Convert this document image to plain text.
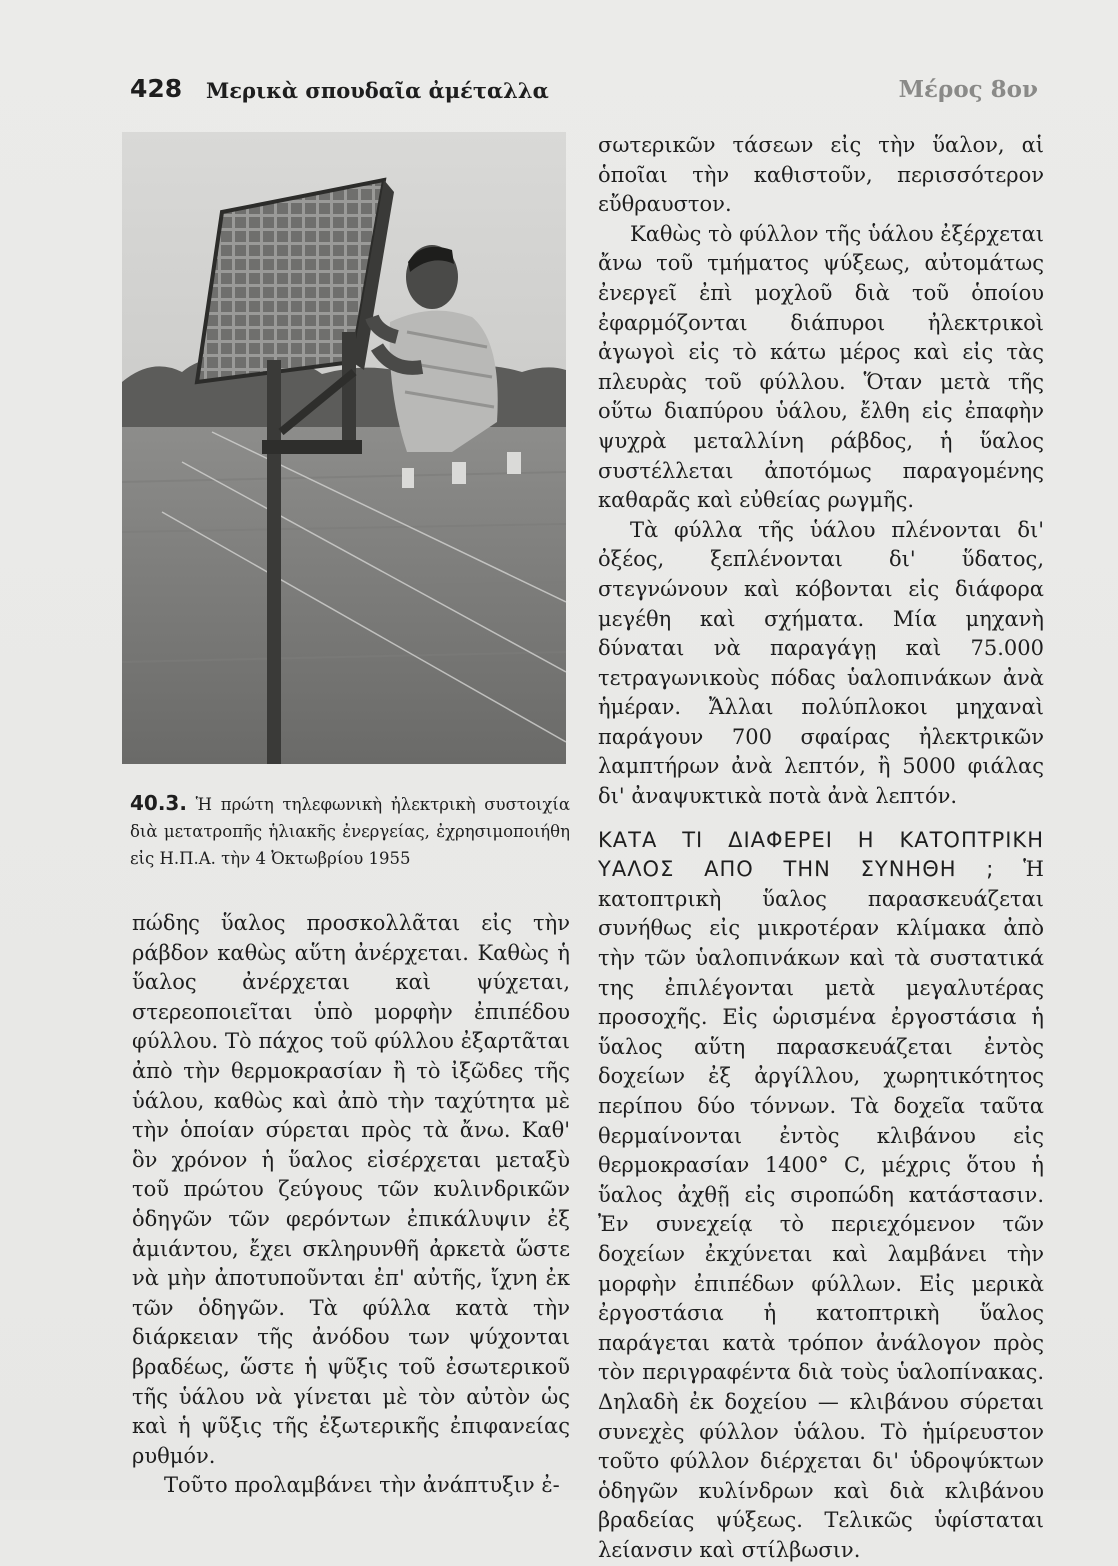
428 Μερικὰ σπουδαῖα ἀμέταλλα	Μέρος 8ον
40.3. Ἡ πρώτη τηλεφωνικὴ ἠλεκτρικὴ συστοιχία διὰ μετατροπῆς ἡλιακῆς ἐνεργείας, ἐχρησιμοποιήθη εἰς Η.Π.Α. τὴν 4 Ὀκτωβρίου 1955

πώδης ὕαλος προσκολλᾶται εἰς τὴν ράβδον καθὼς αὕτη ἀνέρχεται. Καθὼς ἡ ὕαλος ἀνέρχεται καὶ ψύχεται, στερεοποιεῖται ὑπὸ μορφὴν ἐπιπέδου φύλλου. Τὸ πάχος τοῦ φύλλου ἐξαρτᾶται ἀπὸ τὴν θερμοκρασίαν ἢ τὸ ἰξῶδες τῆς ὑάλου, καθὼς καὶ ἀπὸ τὴν ταχύτητα μὲ τὴν ὁποίαν σύρεται πρὸς τὰ ἄνω. Καθ' ὃν χρόνον ἡ ὕαλος εἰσέρχεται μεταξὺ τοῦ πρώτου ζεύγους τῶν κυλινδρικῶν ὁδηγῶν τῶν φερόντων ἐπικάλυψιν ἐξ ἀμιάντου, ἔχει σκληρυνθῆ ἀρκετὰ ὥστε νὰ μὴν ἀποτυποῦνται ἐπ' αὐτῆς, ἴχνη ἐκ τῶν ὁδηγῶν. Τὰ φύλλα κατὰ τὴν διάρκειαν τῆς ἀνόδου των ψύχονται βραδέως, ὥστε ἡ ψῦξις τοῦ ἐσωτερικοῦ τῆς ὑάλου νὰ γίνεται μὲ τὸν αὐτὸν ὡς καὶ ἡ ψῦξις τῆς ἐξωτερικῆς ἐπιφανείας ρυθμόν.

Τοῦτο προλαμβάνει τὴν ἀνάπτυξιν ἐ-

σωτερικῶν τάσεων εἰς τὴν ὕαλον, αἱ ὁποῖαι τὴν καθιστοῦν, περισσότερον εὔθραυστον.

Καθὼς τὸ φύλλον τῆς ὑάλου ἐξέρχεται ἄνω τοῦ τμήματος ψύξεως, αὐτομάτως ἐνεργεῖ ἐπὶ μοχλοῦ διὰ τοῦ ὁποίου ἐφαρμόζονται διάπυροι ἠλεκτρικοὶ ἀγωγοὶ εἰς τὸ κάτω μέρος καὶ εἰς τὰς πλευρὰς τοῦ φύλλου. Ὅταν μετὰ τῆς οὕτω διαπύρου ὑάλου, ἔλθη εἰς ἐπαφὴν ψυχρὰ μεταλλίνη ράβδος, ἡ ὕαλος συστέλλεται ἀποτόμως παραγομένης καθαρᾶς καὶ εὐθείας ρωγμῆς.

Τὰ φύλλα τῆς ὑάλου πλένονται δι' ὀξέος, ξεπλένονται δι' ὕδατος, στεγνώνουν καὶ κόβονται εἰς διάφορα μεγέθη καὶ σχήματα. Μία μηχανὴ δύναται νὰ παραγάγῃ καὶ 75.000 τετραγωνικοὺς πόδας ὑαλοπινάκων ἀνὰ ἡμέραν. Ἄλλαι πολύπλοκοι μηχαναὶ παράγουν 700 σφαίρας ἠλεκτρικῶν λαμπτήρων ἀνὰ λεπτόν, ἢ 5000 φιάλας δι' ἀναψυκτικὰ ποτὰ ἀνὰ λεπτόν.

ΚΑΤΑ ΤΙ ΔΙΑΦΕΡΕΙ Η ΚΑΤΟΠΤΡΙΚΗ ΥΑΛΟΣ ΑΠΟ ΤΗΝ ΣΥΝΗΘΗ ; Ἡ κατοπτρικὴ ὕαλος παρασκευάζεται συνήθως εἰς μικροτέραν κλίμακα ἀπὸ τὴν τῶν ὑαλοπινάκων καὶ τὰ συστατικά της ἐπιλέγονται μετὰ μεγαλυτέρας προσοχῆς. Εἰς ὡρισμένα ἐργοστάσια ἡ ὕαλος αὕτη παρασκευάζεται ἐντὸς δοχείων ἐξ ἀργίλλου, χωρητικότητος περίπου δύο τόννων. Τὰ δοχεῖα ταῦτα θερμαίνονται ἐντὸς κλιβάνου εἰς θερμοκρασίαν 1400° C, μέχρις ὅτου ἡ ὕαλος ἀχθῇ εἰς σιροπώδη κατάστασιν. Ἐν συνεχείᾳ τὸ περιεχόμενον τῶν δοχείων ἐκχύνεται καὶ λαμβάνει τὴν μορφὴν ἐπιπέδων φύλλων. Εἰς μερικὰ ἐργοστάσια ἡ κατοπτρικὴ ὕαλος παράγεται κατὰ τρόπον ἀνάλογον πρὸς τὸν περιγραφέντα διὰ τοὺς ὑαλοπίνακας. Δηλαδὴ ἐκ δοχείου — κλιβάνου σύρεται συνεχὲς φύλλον ὑάλου. Τὸ ἡμίρευστον τοῦτο φύλλον διέρχεται δι' ὑδροψύκτων ὁδηγῶν κυλίνδρων καὶ διὰ κλιβάνου βραδείας ψύξεως. Τελικῶς ὑφίσταται λείανσιν καὶ στίλβωσιν.
